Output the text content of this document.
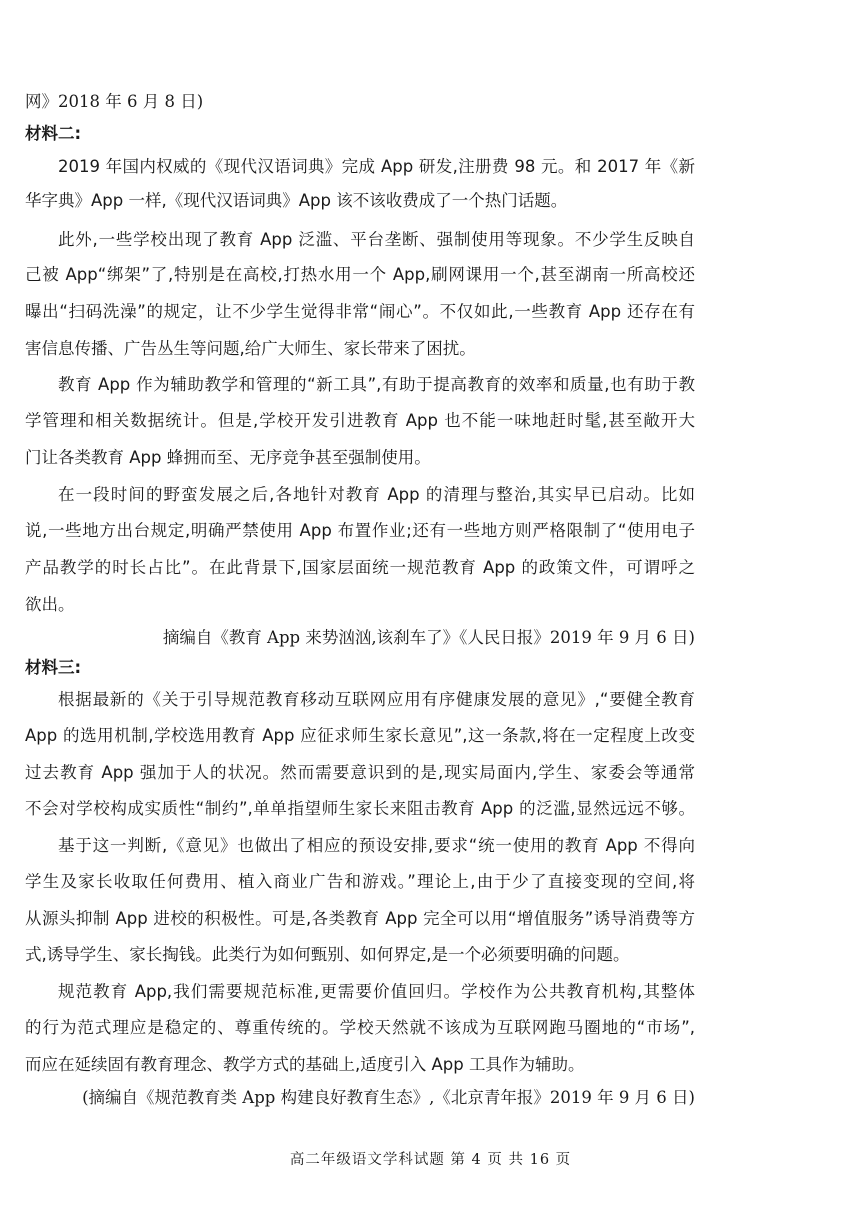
网》2018 年 6 月 8 日)
材料二:
2019 年国内权威的《现代汉语词典》完成 App 研发,注册费 98 元。和 2017 年《新
华字典》App 一样,《现代汉语词典》App 该不该收费成了一个热门话题。
此外,一些学校出现了教育 App 泛滥、平台垄断、强制使用等现象。不少学生反映自
己被 App“绑架”了,特别是在高校,打热水用一个 App,刷网课用一个,甚至湖南一所高校还
曝出“扫码洗澡”的规定，让不少学生觉得非常“闹心”。不仅如此,一些教育 App 还存在有
害信息传播、广告丛生等问题,给广大师生、家长带来了困扰。
教育 App 作为辅助教学和管理的“新工具”,有助于提高教育的效率和质量,也有助于教
学管理和相关数据统计。但是,学校开发引进教育 App 也不能一味地赶时髦,甚至敞开大
门让各类教育 App 蜂拥而至、无序竞争甚至强制使用。
在一段时间的野蛮发展之后,各地针对教育 App 的清理与整治,其实早已启动。比如
说,一些地方出台规定,明确严禁使用 App 布置作业;还有一些地方则严格限制了“使用电子
产品教学的时长占比”。在此背景下,国家层面统一规范教育 App 的政策文件，可谓呼之
欲出。
摘编自《教育 App 来势汹汹,该刹车了》《人民日报》2019 年 9 月 6 日)
材料三:
根据最新的《关于引导规范教育移动互联网应用有序健康发展的意见》,“要健全教育
App 的选用机制,学校选用教育 App 应征求师生家长意见”,这一条款,将在一定程度上改变
过去教育 App 强加于人的状况。然而需要意识到的是,现实局面内,学生、家委会等通常
不会对学校构成实质性“制约”,单单指望师生家长来阻击教育 App 的泛滥,显然远远不够。
基于这一判断,《意见》也做出了相应的预设安排,要求“统一使用的教育 App 不得向
学生及家长收取任何费用、植入商业广告和游戏。”理论上,由于少了直接变现的空间,将
从源头抑制 App 进校的积极性。可是,各类教育 App 完全可以用“增值服务”诱导消费等方
式,诱导学生、家长掏钱。此类行为如何甄别、如何界定,是一个必须要明确的问题。
规范教育 App,我们需要规范标准,更需要价值回归。学校作为公共教育机构,其整体
的行为范式理应是稳定的、尊重传统的。学校天然就不该成为互联网跑马圈地的“市场”,
而应在延续固有教育理念、教学方式的基础上,适度引入 App 工具作为辅助。
(摘编自《规范教育类 App 构建良好教育生态》,《北京青年报》2019 年 9 月 6 日)
高二年级语文学科试题 第 4 页 共 16 页
